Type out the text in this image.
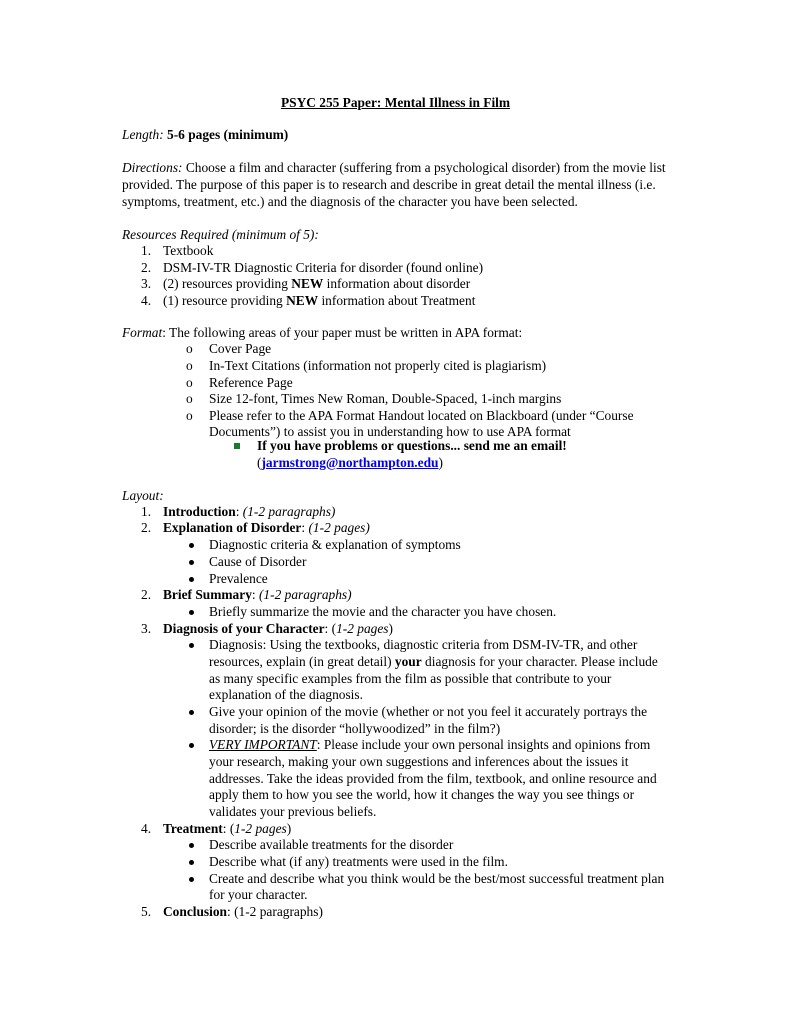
PSYC 255 Paper: Mental Illness in Film
Length: 5-6 pages (minimum)
Directions: Choose a film and character (suffering from a psychological disorder) from the movie list
provided. The purpose of this paper is to research and describe in great detail the mental illness (i.e.
symptoms, treatment, etc.) and the diagnosis of the character you have been selected.
Resources Required (minimum of 5):
1. Textbook
2. DSM-IV-TR Diagnostic Criteria for disorder (found online)
3. (2) resources providing NEW information about disorder
4. (1) resource providing NEW information about Treatment
Format: The following areas of your paper must be written in APA format:
o Cover Page
o In-Text Citations (information not properly cited is plagiarism)
o Reference Page
o Size 12-font, Times New Roman, Double-Spaced, 1-inch margins
o Please refer to the APA Format Handout located on Blackboard (under “Course
Documents”) to assist you in understanding how to use APA format
If you have problems or questions... send me an email!
(jarmstrong@northampton.edu)
Layout:
1. Introduction: (1-2 paragraphs)
2. Explanation of Disorder: (1-2 pages)
Diagnostic criteria & explanation of symptoms
Cause of Disorder
Prevalence
2. Brief Summary: (1-2 paragraphs)
Briefly summarize the movie and the character you have chosen.
3. Diagnosis of your Character: (1-2 pages)
Diagnosis: Using the textbooks, diagnostic criteria from DSM-IV-TR, and other
resources, explain (in great detail) your diagnosis for your character. Please include
as many specific examples from the film as possible that contribute to your
explanation of the diagnosis.
Give your opinion of the movie (whether or not you feel it accurately portrays the
disorder; is the disorder “hollywoodized” in the film?)
VERY IMPORTANT: Please include your own personal insights and opinions from
your research, making your own suggestions and inferences about the issues it
addresses. Take the ideas provided from the film, textbook, and online resource and
apply them to how you see the world, how it changes the way you see things or
validates your previous beliefs.
4. Treatment: (1-2 pages)
Describe available treatments for the disorder
Describe what (if any) treatments were used in the film.
Create and describe what you think would be the best/most successful treatment plan
for your character.
5. Conclusion: (1-2 paragraphs)
